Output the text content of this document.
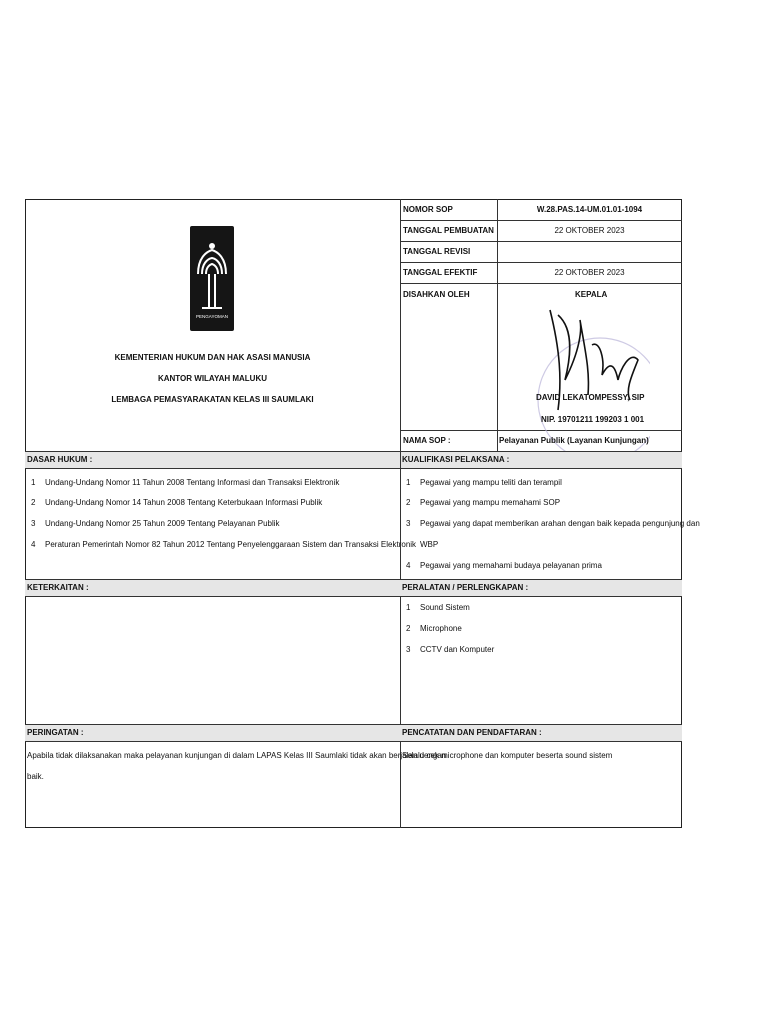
NOMOR SOP	W.28.PAS.14-UM.01.01-1094
TANGGAL PEMBUATAN	22 OKTOBER 2023
TANGGAL REVISI
TANGGAL EFEKTIF	22 OKTOBER 2023
DISAHKAN OLEH	KEPALA
DAVID LEKATOMPESSY, SIP
NIP. 19701211 199203 1 001
NAMA SOP :	Pelayanan Publik (Layanan Kunjungan)
PENGAYOMAN
KEMENTERIAN HUKUM DAN HAK ASASI MANUSIA
KANTOR WILAYAH MALUKU
LEMBAGA PEMASYARAKATAN KELAS III SAUMLAKI
DASAR HUKUM :	KUALIFIKASI PELAKSANA :
1 Undang-Undang Nomor 11 Tahun 2008 Tentang Informasi dan Transaksi Elektronik
2 Undang-Undang Nomor 14 Tahun 2008 Tentang Keterbukaan Informasi Publik
3 Undang-Undang Nomor 25 Tahun 2009 Tentang Pelayanan Publik
4 Peraturan Pemerintah Nomor 82 Tahun 2012 Tentang Penyelenggaraan Sistem dan Transaksi Elektronik
1 Pegawai yang mampu teliti dan terampil
2 Pegawai yang mampu memahami SOP
3 Pegawai yang dapat memberikan arahan dengan baik kepada pengunjung dan
WBP
4 Pegawai yang memahami budaya pelayanan prima
KETERKAITAN :	PERALATAN / PERLENGKAPAN :
1 Sound Sistem
2 Microphone
3 CCTV dan Komputer
PERINGATAN :	PENCATATAN DAN PENDAFTARAN :
Apabila tidak dilaksanakan maka pelayanan kunjungan di dalam LAPAS Kelas III Saumlaki tidak akan berjalan dengan
baik.
Selalu cek microphone dan komputer beserta sound sistem
